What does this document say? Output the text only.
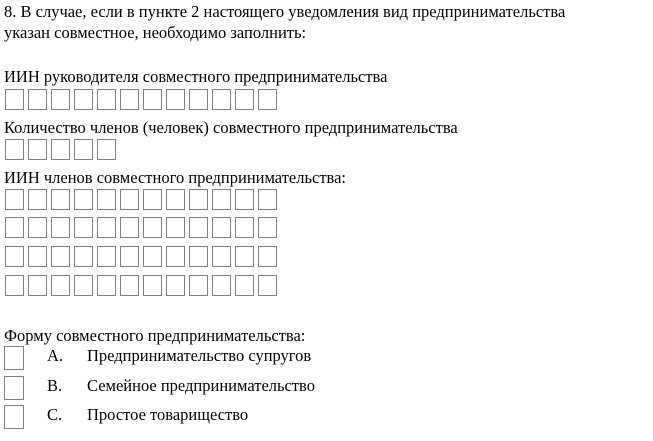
8. В случае, если в пункте 2 настоящего уведомления вид предпринимательства
указан совместное, необходимо заполнить:
ИИН руководителя совместного предпринимательства
Количество членов (человек) совместного предпринимательства
ИИН членов совместного предпринимательства:
Форму совместного предпринимательства:
A.	Предпринимательство супругов
B.	Семейное предпринимательство
C.	Простое товарищество
